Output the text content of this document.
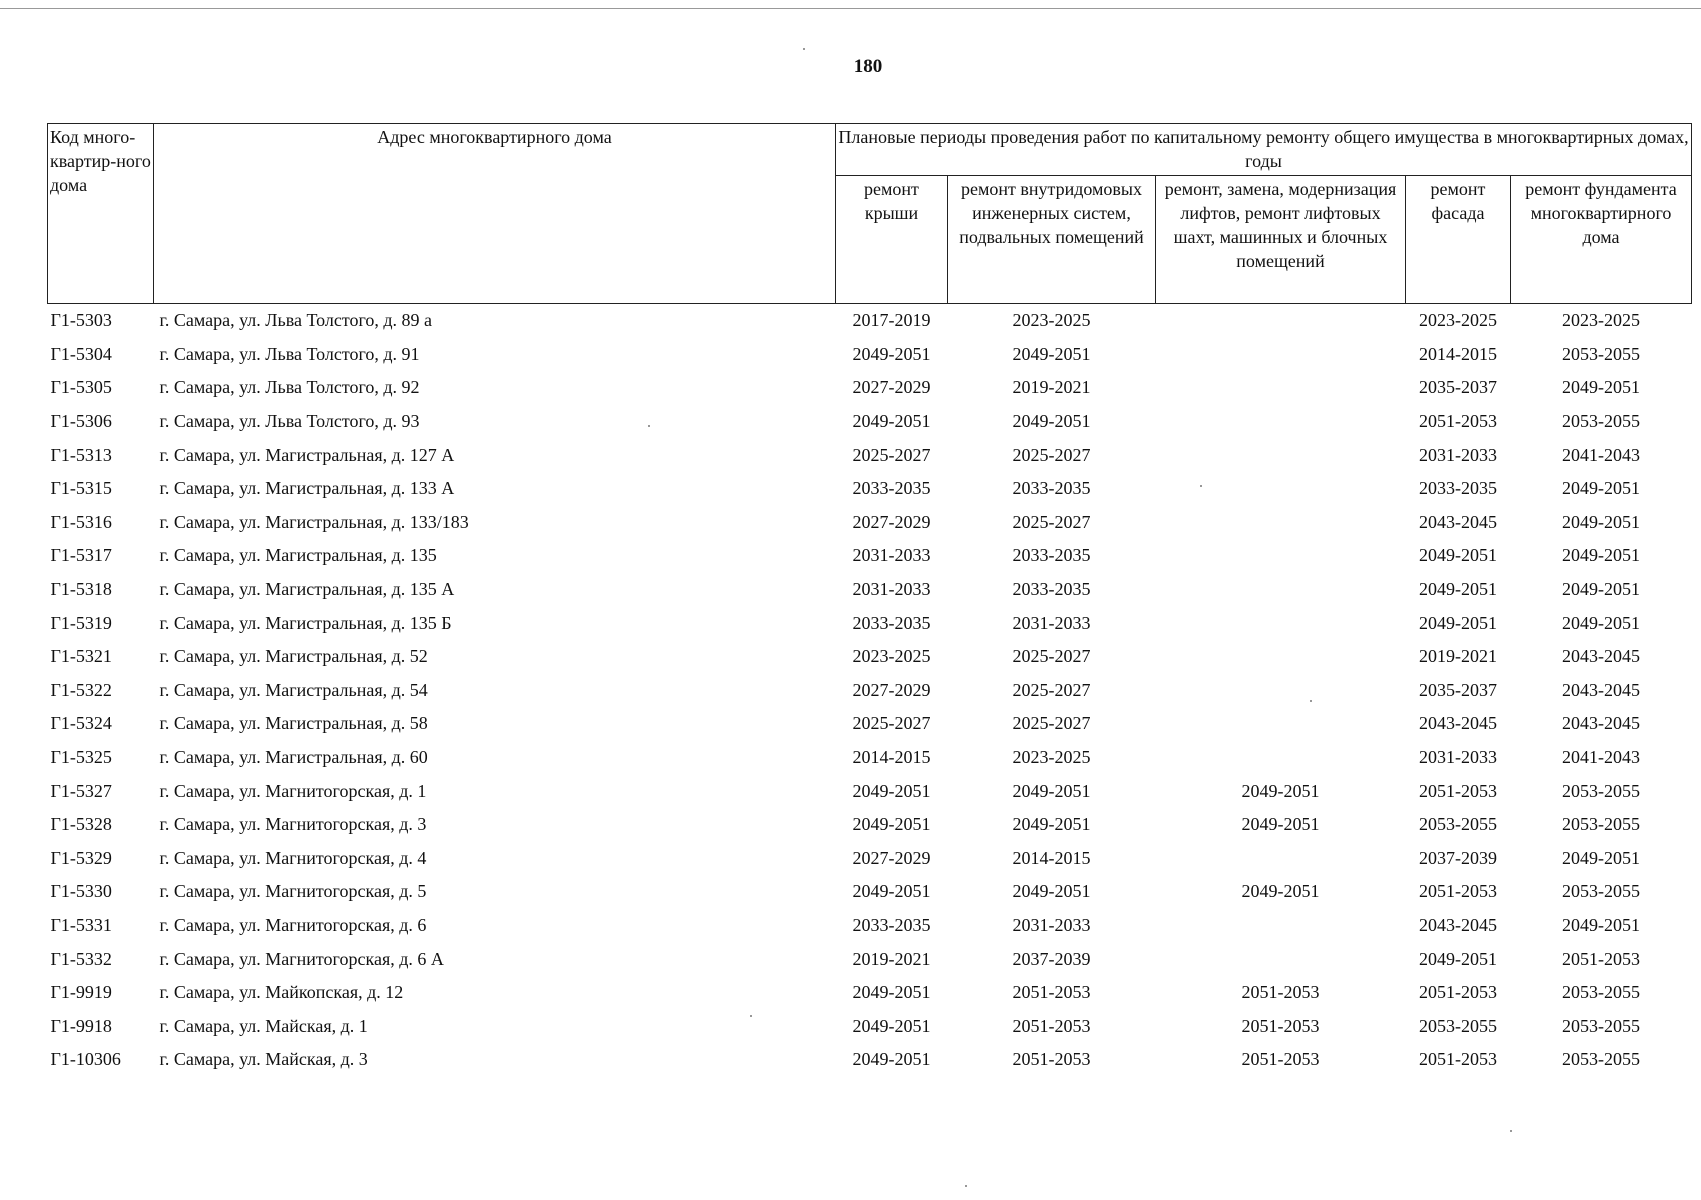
180
Код много-квартир-ного дома	Адрес многоквартирного дома	Плановые периоды проведения работ по капитальному ремонту общего имущества в многоквартирных домах, годы				
		ремонт крыши	ремонт внутридомовых инженерных систем, подвальных помещений	ремонт, замена, модернизация лифтов, ремонт лифтовых шахт, машинных и блочных помещений	ремонт фасада	ремонт фундамента многоквартирного дома
Г1-5303	г. Самара, ул. Льва Толстого, д. 89 а	2017-2019	2023-2025		2023-2025	2023-2025
Г1-5304	г. Самара, ул. Льва Толстого, д. 91	2049-2051	2049-2051		2014-2015	2053-2055
Г1-5305	г. Самара, ул. Льва Толстого, д. 92	2027-2029	2019-2021		2035-2037	2049-2051
Г1-5306	г. Самара, ул. Льва Толстого, д. 93	2049-2051	2049-2051		2051-2053	2053-2055
Г1-5313	г. Самара, ул. Магистральная, д. 127 А	2025-2027	2025-2027		2031-2033	2041-2043
Г1-5315	г. Самара, ул. Магистральная, д. 133 А	2033-2035	2033-2035		2033-2035	2049-2051
Г1-5316	г. Самара, ул. Магистральная, д. 133/183	2027-2029	2025-2027		2043-2045	2049-2051
Г1-5317	г. Самара, ул. Магистральная, д. 135	2031-2033	2033-2035		2049-2051	2049-2051
Г1-5318	г. Самара, ул. Магистральная, д. 135 А	2031-2033	2033-2035		2049-2051	2049-2051
Г1-5319	г. Самара, ул. Магистральная, д. 135 Б	2033-2035	2031-2033		2049-2051	2049-2051
Г1-5321	г. Самара, ул. Магистральная, д. 52	2023-2025	2025-2027		2019-2021	2043-2045
Г1-5322	г. Самара, ул. Магистральная, д. 54	2027-2029	2025-2027		2035-2037	2043-2045
Г1-5324	г. Самара, ул. Магистральная, д. 58	2025-2027	2025-2027		2043-2045	2043-2045
Г1-5325	г. Самара, ул. Магистральная, д. 60	2014-2015	2023-2025		2031-2033	2041-2043
Г1-5327	г. Самара, ул. Магнитогорская, д. 1	2049-2051	2049-2051	2049-2051	2051-2053	2053-2055
Г1-5328	г. Самара, ул. Магнитогорская, д. 3	2049-2051	2049-2051	2049-2051	2053-2055	2053-2055
Г1-5329	г. Самара, ул. Магнитогорская, д. 4	2027-2029	2014-2015		2037-2039	2049-2051
Г1-5330	г. Самара, ул. Магнитогорская, д. 5	2049-2051	2049-2051	2049-2051	2051-2053	2053-2055
Г1-5331	г. Самара, ул. Магнитогорская, д. 6	2033-2035	2031-2033		2043-2045	2049-2051
Г1-5332	г. Самара, ул. Магнитогорская, д. 6 А	2019-2021	2037-2039		2049-2051	2051-2053
Г1-9919	г. Самара, ул. Майкопская, д. 12	2049-2051	2051-2053	2051-2053	2051-2053	2053-2055
Г1-9918	г. Самара, ул. Майская, д. 1	2049-2051	2051-2053	2051-2053	2053-2055	2053-2055
Г1-10306	г. Самара, ул. Майская, д. 3	2049-2051	2051-2053	2051-2053	2051-2053	2053-2055
